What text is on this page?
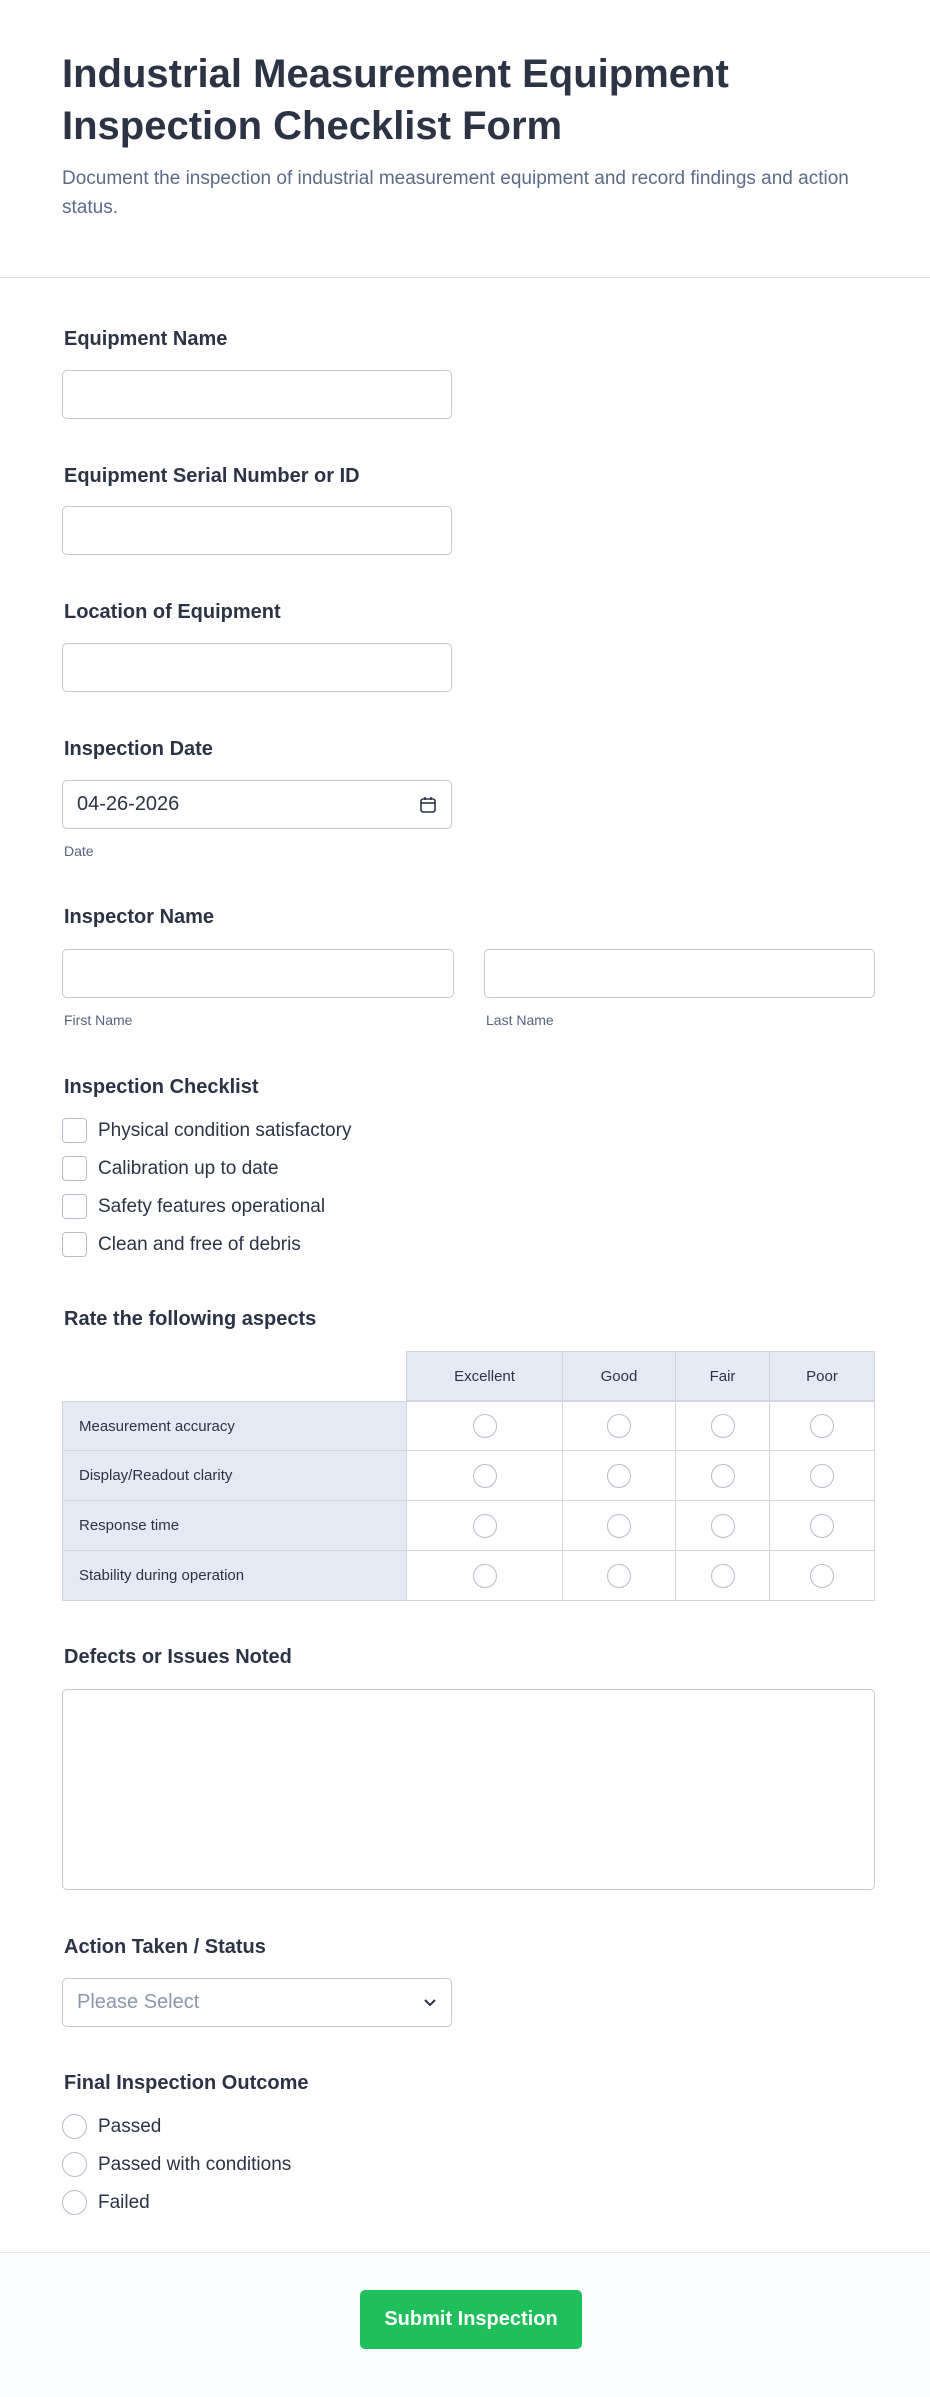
Industrial Measurement Equipment Inspection Checklist Form
Document the inspection of industrial measurement equipment and record findings and action status.
Equipment Name
Equipment Serial Number or ID
Location of Equipment
Inspection Date
04-26-2026
Date
Inspector Name
First Name	Last Name
Inspection Checklist
Physical condition satisfactory
Calibration up to date
Safety features operational
Clean and free of debris
Rate the following aspects
	Excellent	Good	Fair	Poor
Measurement accuracy				
Display/Readout clarity				
Response time				
Stability during operation				
Defects or Issues Noted
Action Taken / Status
Please Select
Final Inspection Outcome
Passed
Passed with conditions
Failed
Submit Inspection
